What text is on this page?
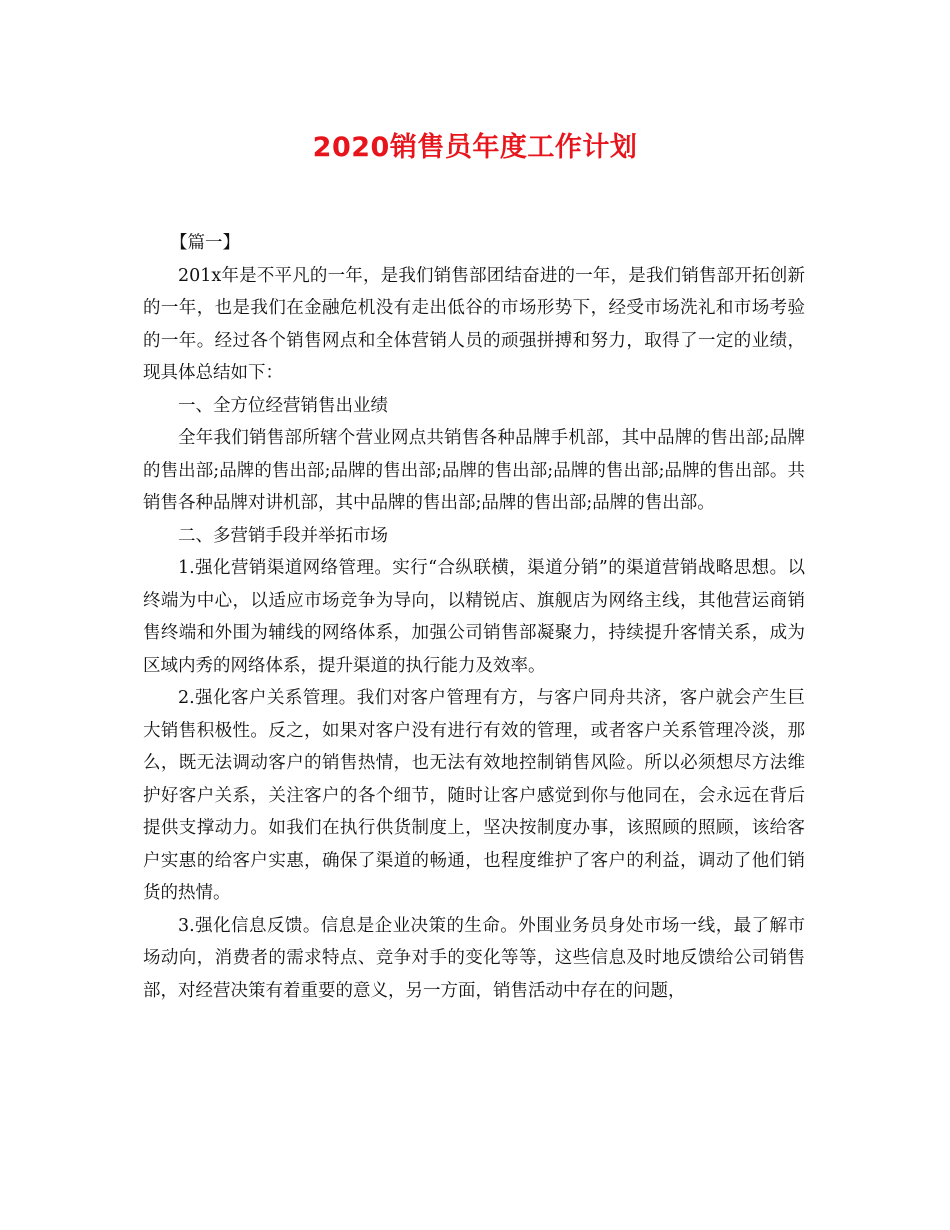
2020销售员年度工作计划

【篇一】

201x年是不平凡的一年，是我们销售部团结奋进的一年，是我们销售部开拓创新的一年，也是我们在金融危机没有走出低谷的市场形势下，经受市场洗礼和市场考验的一年。经过各个销售网点和全体营销人员的顽强拼搏和努力，取得了一定的业绩，现具体总结如下：

一、全方位经营销售出业绩

全年我们销售部所辖个营业网点共销售各种品牌手机部，其中品牌的售出部;品牌的售出部;品牌的售出部;品牌的售出部;品牌的售出部;品牌的售出部;品牌的售出部。共销售各种品牌对讲机部，其中品牌的售出部;品牌的售出部;品牌的售出部。

二、多营销手段并举拓市场

1.强化营销渠道网络管理。实行“合纵联横，渠道分销”的渠道营销战略思想。以终端为中心，以适应市场竞争为导向，以精锐店、旗舰店为网络主线，其他营运商销售终端和外围为辅线的网络体系，加强公司销售部凝聚力，持续提升客情关系，成为区域内秀的网络体系，提升渠道的执行能力及效率。

2.强化客户关系管理。我们对客户管理有方，与客户同舟共济，客户就会产生巨大销售积极性。反之，如果对客户没有进行有效的管理，或者客户关系管理冷淡，那么，既无法调动客户的销售热情，也无法有效地控制销售风险。所以必须想尽方法维护好客户关系，关注客户的各个细节，随时让客户感觉到你与他同在，会永远在背后提供支撑动力。如我们在执行供货制度上，坚决按制度办事，该照顾的照顾，该给客户实惠的给客户实惠，确保了渠道的畅通，也程度维护了客户的利益，调动了他们销货的热情。

3.强化信息反馈。信息是企业决策的生命。外围业务员身处市场一线，最了解市场动向，消费者的需求特点、竞争对手的变化等等，这些信息及时地反馈给公司销售部，对经营决策有着重要的意义，另一方面，销售活动中存在的问题，
